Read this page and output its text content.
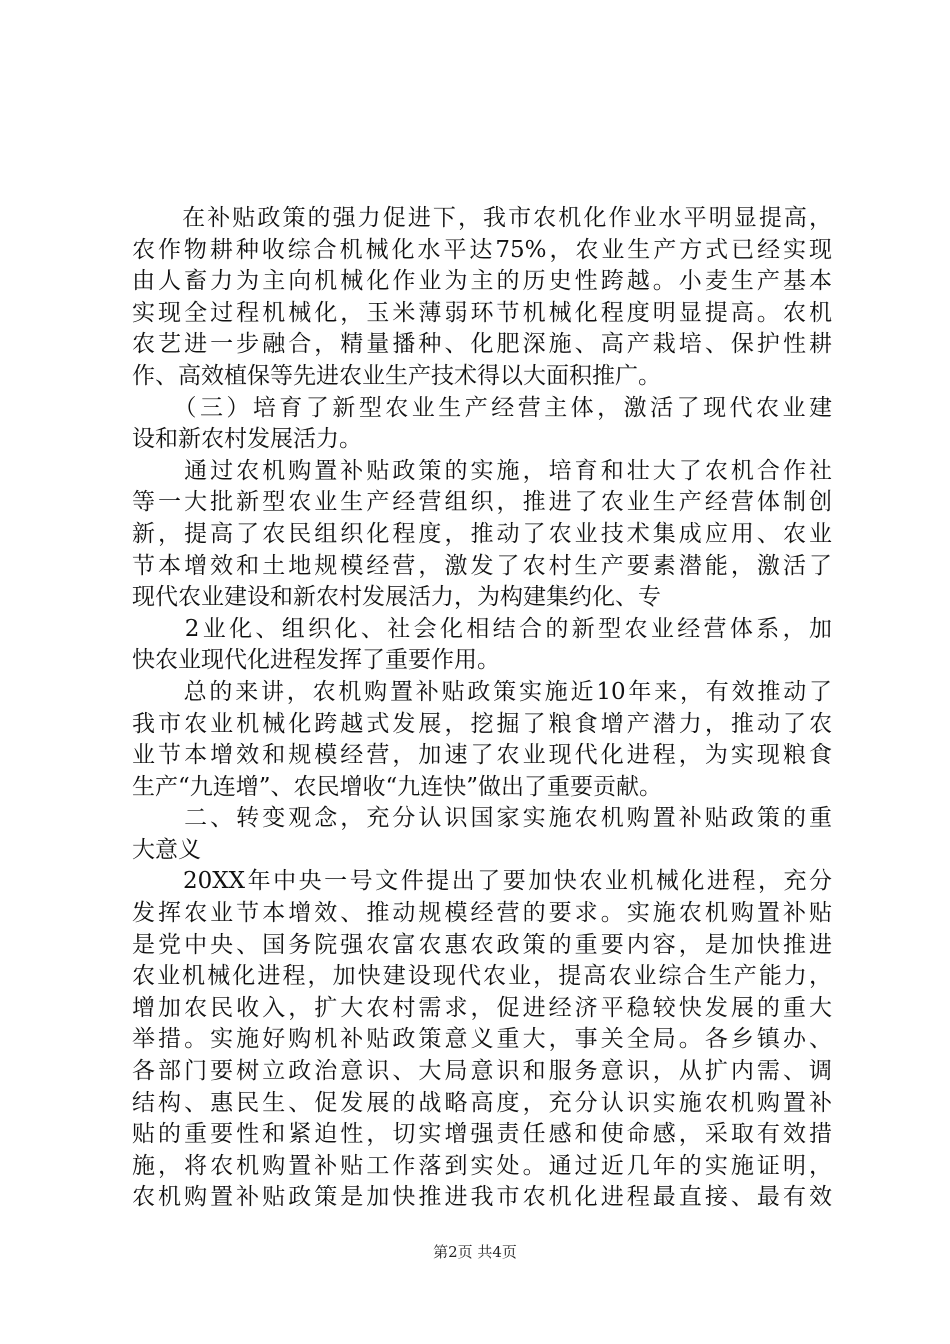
　　在补贴政策的强力促进下，我市农机化作业水平明显提高，
农作物耕种收综合机械化水平达75%，农业生产方式已经实现
由人畜力为主向机械化作业为主的历史性跨越。小麦生产基本
实现全过程机械化，玉米薄弱环节机械化程度明显提高。农机
农艺进一步融合，精量播种、化肥深施、高产栽培、保护性耕
作、高效植保等先进农业生产技术得以大面积推广。
　　（三）培育了新型农业生产经营主体，激活了现代农业建
设和新农村发展活力。
　　通过农机购置补贴政策的实施，培育和壮大了农机合作社
等一大批新型农业生产经营组织，推进了农业生产经营体制创
新，提高了农民组织化程度，推动了农业技术集成应用、农业
节本增效和土地规模经营，激发了农村生产要素潜能，激活了
现代农业建设和新农村发展活力，为构建集约化、专
　　2业化、组织化、社会化相结合的新型农业经营体系，加
快农业现代化进程发挥了重要作用。
　　总的来讲，农机购置补贴政策实施近10年来，有效推动了
我市农业机械化跨越式发展，挖掘了粮食增产潜力，推动了农
业节本增效和规模经营，加速了农业现代化进程，为实现粮食
生产“九连增”、农民增收“九连快”做出了重要贡献。
　　二、转变观念，充分认识国家实施农机购置补贴政策的重
大意义
　　20XX年中央一号文件提出了要加快农业机械化进程，充分
发挥农业节本增效、推动规模经营的要求。实施农机购置补贴
是党中央、国务院强农富农惠农政策的重要内容，是加快推进
农业机械化进程，加快建设现代农业，提高农业综合生产能力，
增加农民收入，扩大农村需求，促进经济平稳较快发展的重大
举措。实施好购机补贴政策意义重大，事关全局。各乡镇办、
各部门要树立政治意识、大局意识和服务意识，从扩内需、调
结构、惠民生、促发展的战略高度，充分认识实施农机购置补
贴的重要性和紧迫性，切实增强责任感和使命感，采取有效措
施，将农机购置补贴工作落到实处。通过近几年的实施证明，
农机购置补贴政策是加快推进我市农机化进程最直接、最有效
第2页 共4页
